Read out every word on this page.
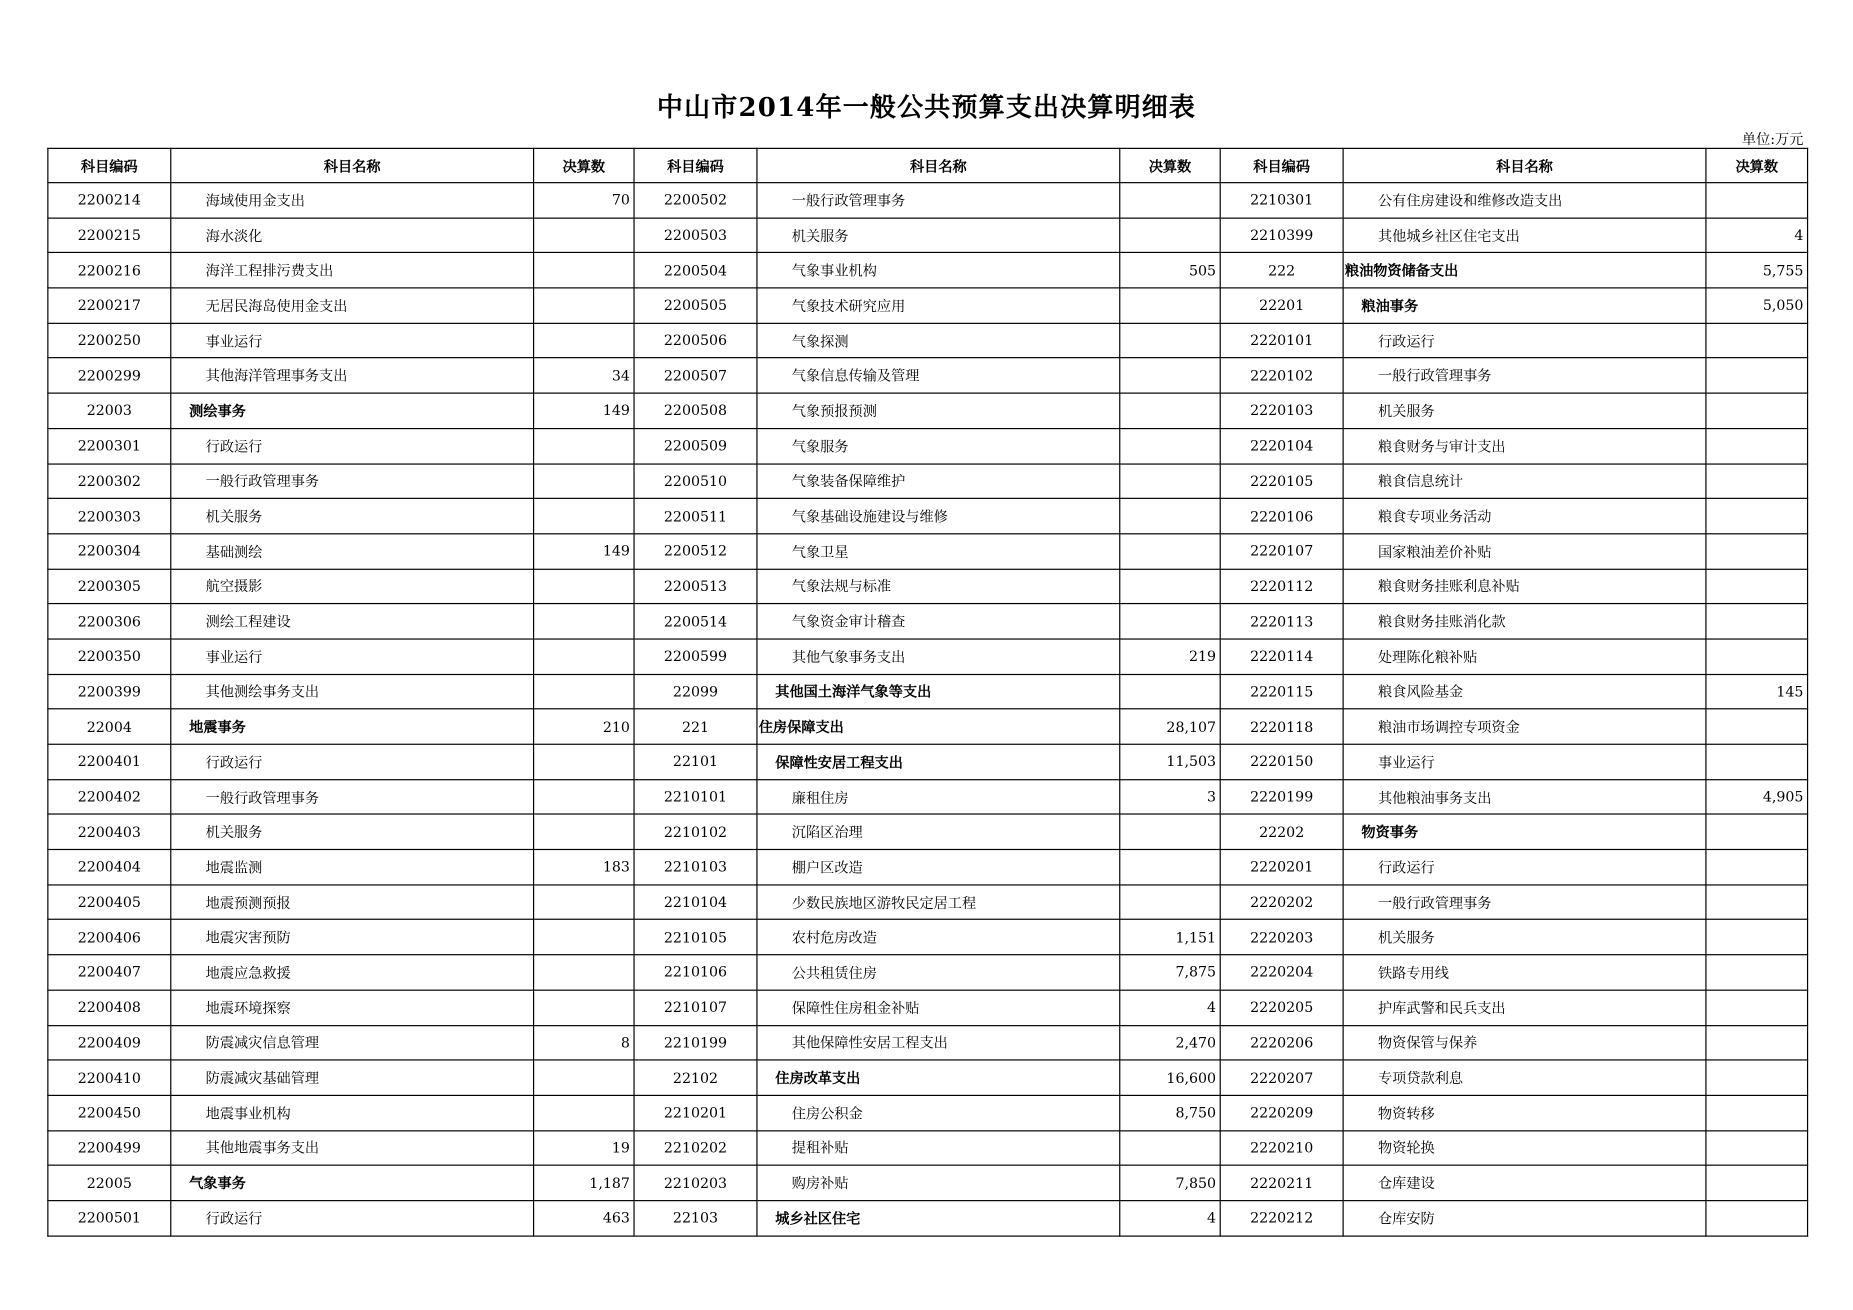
中山市2014年一般公共预算支出决算明细表
单位:万元
科目编码	科目名称	决算数	科目编码	科目名称	决算数	科目编码	科目名称	决算数
2200214	海域使用金支出	70	2200502	一般行政管理事务		2210301	公有住房建设和维修改造支出	
2200215	海水淡化		2200503	机关服务		2210399	其他城乡社区住宅支出	4
2200216	海洋工程排污费支出		2200504	气象事业机构	505	222	粮油物资储备支出	5,755
2200217	无居民海岛使用金支出		2200505	气象技术研究应用		22201	粮油事务	5,050
2200250	事业运行		2200506	气象探测		2220101	行政运行	
2200299	其他海洋管理事务支出	34	2200507	气象信息传输及管理		2220102	一般行政管理事务	
22003	测绘事务	149	2200508	气象预报预测		2220103	机关服务	
2200301	行政运行		2200509	气象服务		2220104	粮食财务与审计支出	
2200302	一般行政管理事务		2200510	气象装备保障维护		2220105	粮食信息统计	
2200303	机关服务		2200511	气象基础设施建设与维修		2220106	粮食专项业务活动	
2200304	基础测绘	149	2200512	气象卫星		2220107	国家粮油差价补贴	
2200305	航空摄影		2200513	气象法规与标准		2220112	粮食财务挂账利息补贴	
2200306	测绘工程建设		2200514	气象资金审计稽查		2220113	粮食财务挂账消化款	
2200350	事业运行		2200599	其他气象事务支出	219	2220114	处理陈化粮补贴	
2200399	其他测绘事务支出		22099	其他国土海洋气象等支出		2220115	粮食风险基金	145
22004	地震事务	210	221	住房保障支出	28,107	2220118	粮油市场调控专项资金	
2200401	行政运行		22101	保障性安居工程支出	11,503	2220150	事业运行	
2200402	一般行政管理事务		2210101	廉租住房	3	2220199	其他粮油事务支出	4,905
2200403	机关服务		2210102	沉陷区治理		22202	物资事务	
2200404	地震监测	183	2210103	棚户区改造		2220201	行政运行	
2200405	地震预测预报		2210104	少数民族地区游牧民定居工程		2220202	一般行政管理事务	
2200406	地震灾害预防		2210105	农村危房改造	1,151	2220203	机关服务	
2200407	地震应急救援		2210106	公共租赁住房	7,875	2220204	铁路专用线	
2200408	地震环境探察		2210107	保障性住房租金补贴	4	2220205	护库武警和民兵支出	
2200409	防震减灾信息管理	8	2210199	其他保障性安居工程支出	2,470	2220206	物资保管与保养	
2200410	防震减灾基础管理		22102	住房改革支出	16,600	2220207	专项贷款利息	
2200450	地震事业机构		2210201	住房公积金	8,750	2220209	物资转移	
2200499	其他地震事务支出	19	2210202	提租补贴		2220210	物资轮换	
22005	气象事务	1,187	2210203	购房补贴	7,850	2220211	仓库建设	
2200501	行政运行	463	22103	城乡社区住宅	4	2220212	仓库安防	
